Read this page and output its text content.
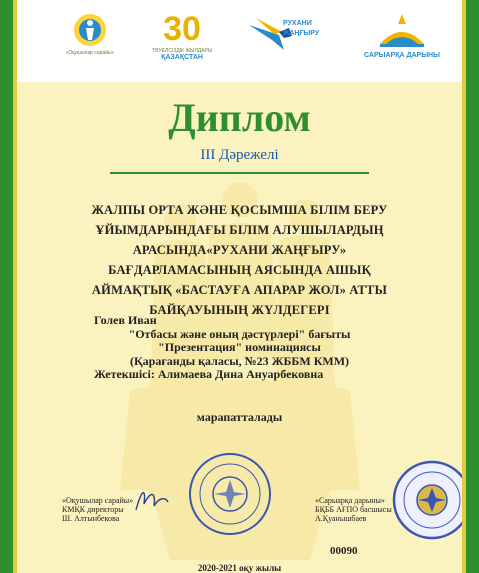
«Оқушылар сарайы»
30
ТӘУЕЛСІЗДІК ЖЫЛДАРЫ
ҚАЗАҚСТАН
РУХАНИ
ЖАҢҒЫРУ
САРЫАРҚА ДАРЫНЫ
Диплом
III Дәрежелі
ЖАЛПЫ ОРТА ЖӘНЕ ҚОСЫМША БІЛІМ БЕРУ
ҰЙЫМДАРЫНДАҒЫ БІЛІМ АЛУШЫЛАРДЫҢ
АРАСЫНДА«РУХАНИ ЖАҢҒЫРУ»
БАҒДАРЛАМАСЫНЫҢ АЯСЫНДА АШЫҚ
АЙМАҚТЫҚ «БАСТАУҒА АПАРАР ЖОЛ» АТТЫ
БАЙҚАУЫНЫҢ ЖҮЛДЕГЕРІ
Голев Иван
"Отбасы және оның дәстүрлері" бағыты
"Презентация" номинациясы
(Қарағанды қаласы, №23 ЖББМ КММ)
Жетекшісі: Алимаева Дина Ануарбековна
марапатталады
«Оқушылар сарайы»
КМҚК директоры
Ш. Алтынбекова
«Сарыарқа дарыны»
БҚББ АҒПО басшысы
А.Қуанышбаев
00090
2020-2021 оқу жылы
